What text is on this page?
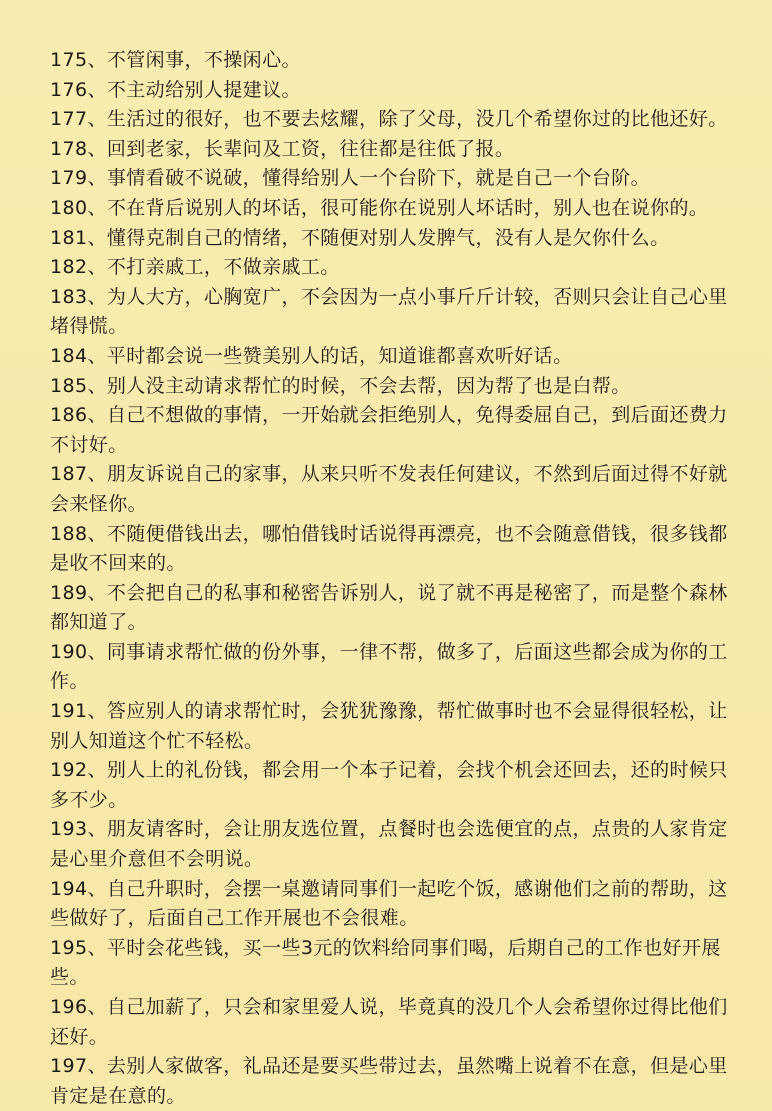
175、不管闲事，不操闲心。
176、不主动给别人提建议。
177、生活过的很好，也不要去炫耀，除了父母，没几个希望你过的比他还好。
178、回到老家，长辈问及工资，往往都是往低了报。
179、事情看破不说破，懂得给别人一个台阶下，就是自己一个台阶。
180、不在背后说别人的坏话，很可能你在说别人坏话时，别人也在说你的。
181、懂得克制自己的情绪，不随便对别人发脾气，没有人是欠你什么。
182、不打亲戚工，不做亲戚工。
183、为人大方，心胸宽广，不会因为一点小事斤斤计较，否则只会让自己心里堵得慌。
184、平时都会说一些赞美别人的话，知道谁都喜欢听好话。
185、别人没主动请求帮忙的时候，不会去帮，因为帮了也是白帮。
186、自己不想做的事情，一开始就会拒绝别人，免得委屈自己，到后面还费力不讨好。
187、朋友诉说自己的家事，从来只听不发表任何建议，不然到后面过得不好就会来怪你。
188、不随便借钱出去，哪怕借钱时话说得再漂亮，也不会随意借钱，很多钱都是收不回来的。
189、不会把自己的私事和秘密告诉别人，说了就不再是秘密了，而是整个森林都知道了。
190、同事请求帮忙做的份外事，一律不帮，做多了，后面这些都会成为你的工作。
191、答应别人的请求帮忙时，会犹犹豫豫，帮忙做事时也不会显得很轻松，让别人知道这个忙不轻松。
192、别人上的礼份钱，都会用一个本子记着，会找个机会还回去，还的时候只多不少。
193、朋友请客时，会让朋友选位置，点餐时也会选便宜的点，点贵的人家肯定是心里介意但不会明说。
194、自己升职时，会摆一桌邀请同事们一起吃个饭，感谢他们之前的帮助，这些做好了，后面自己工作开展也不会很难。
195、平时会花些钱，买一些3元的饮料给同事们喝，后期自己的工作也好开展些。
196、自己加薪了，只会和家里爱人说，毕竟真的没几个人会希望你过得比他们还好。
197、去别人家做客，礼品还是要买些带过去，虽然嘴上说着不在意，但是心里肯定是在意的。
